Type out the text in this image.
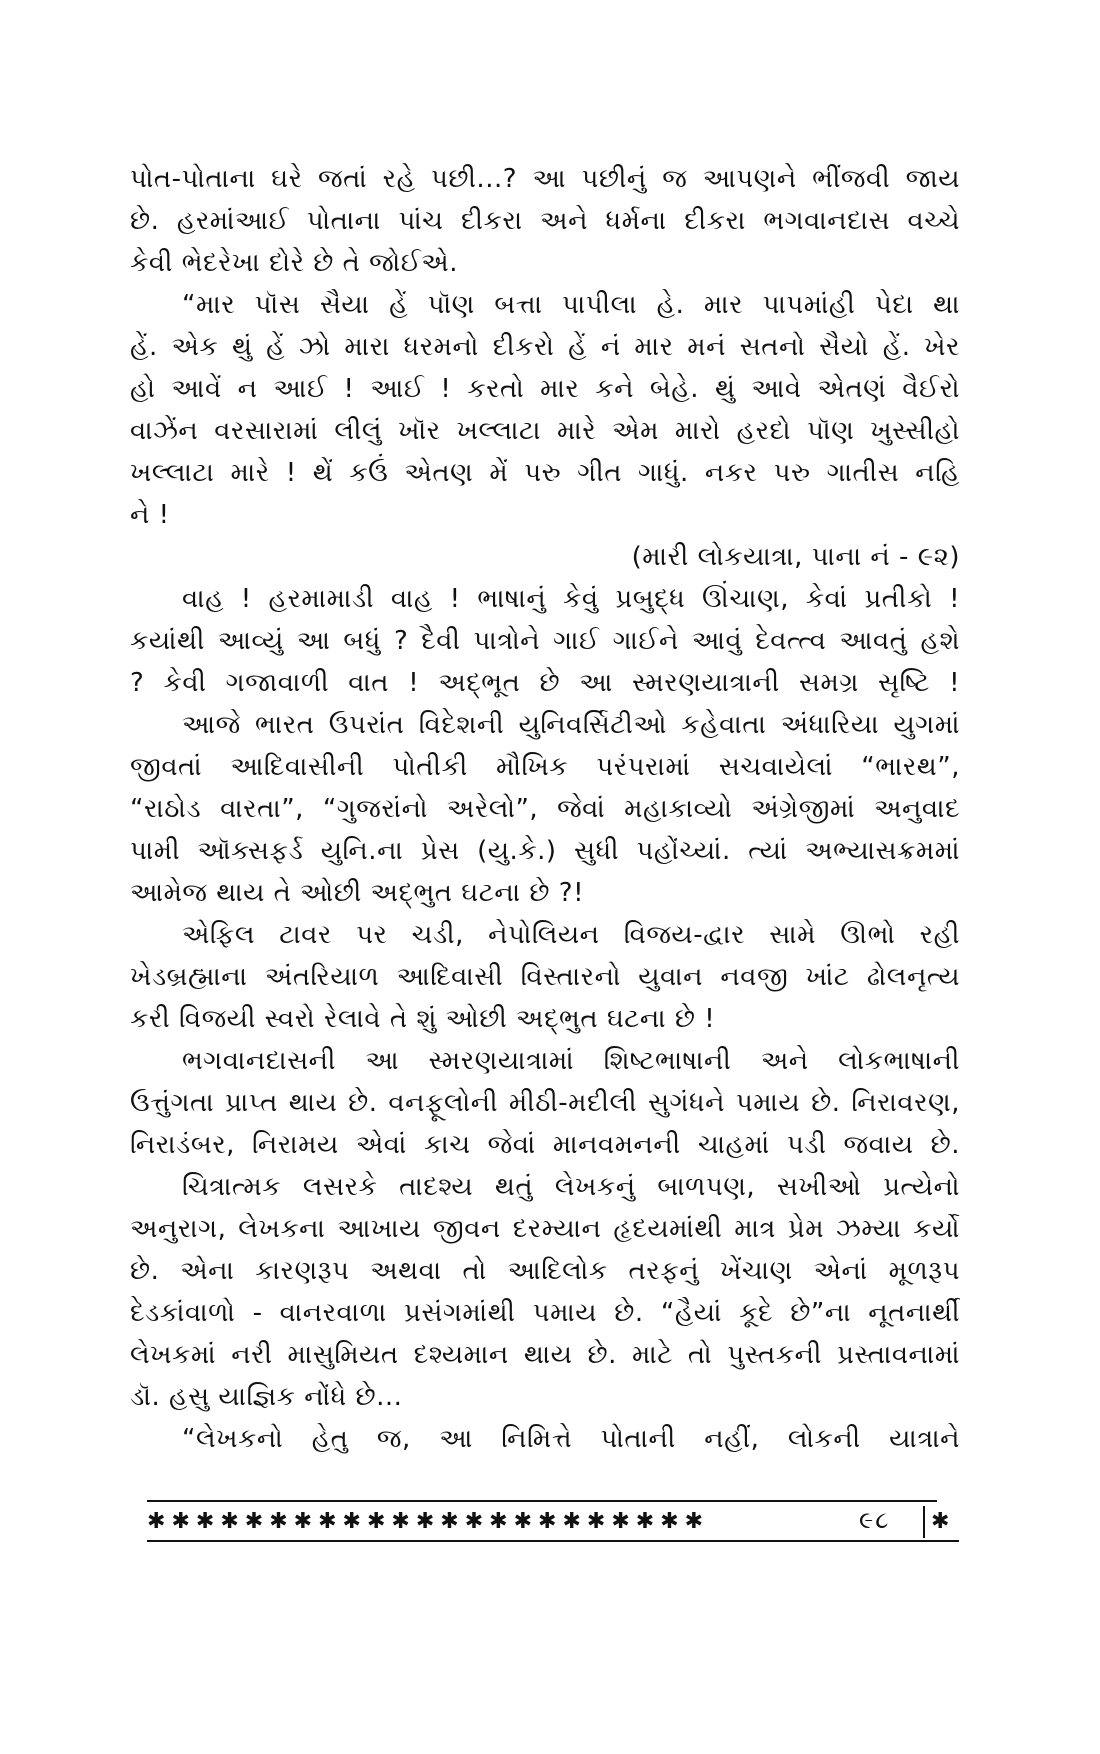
પોત-પોતાના ઘરે જતાં રહે પછી...? આ પછીનું જ આપણને ભીંજવી જાય
છે. હરમાંઆઈ પોતાના પાંચ દીકરા અને ધર્મના દીકરા ભગવાનદાસ વચ્ચે
કેવી ભેદરેખા દોરે છે તે જોઈએ.
“માર પૉસ સૈયા હેં પૉણ બત્તા પાપીલા હે. માર પાપમાંહી પેદા થા
હેં. એક થું હેં ઝો મારા ધરમનો દીકરો હેં નં માર મનં સતનો સૈયો હેં. ખેર
હો આવેં ન આઈ ! આઈ ! કરતો માર કને બેહે. થું આવે એતણં વૈઈરો
વાઝેંન વરસારામાં લીલું ખૉર ખલ્લાટા મારે એમ મારો હરદો પૉણ ખુસ્સીહો
ખલ્લાટા મારે ! થેં કઉં એતણ મેં પરુ ગીત ગાધું. નકર પરુ ગાતીસ નહિ
ને !
(મારી લોકયાત્રા, પાના નં - ૯૨)
વાહ ! હરમામાડી વાહ ! ભાષાનું કેવું પ્રબુદ્ધ ઊંચાણ, કેવાં પ્રતીકો !
કયાંથી આવ્યું આ બધું ? દૈવી પાત્રોને ગાઈ ગાઈને આવું દેવત્ત્વ આવતું હશે
? કેવી ગજાવાળી વાત ! અદ્ભૂત છે આ સ્મરણયાત્રાની સમગ્ર સૃષ્ટિ !
આજે ભારત ઉપરાંત વિદેશની યુનિવર્સિટીઓ કહેવાતા અંધારિયા યુગમાં
જીવતાં આદિવાસીની પોતીકી મૌખિક પરંપરામાં સચવાયેલાં “ભારથ”,
“રાઠોડ વારતા”, “ગુજરાંનો અરેલો”, જેવાં મહાકાવ્યો અંગ્રેજીમાં અનુવાદ
પામી ઑક્સફર્ડ યુનિ.ના પ્રેસ (યુ.કે.) સુધી પહોંચ્યાં. ત્યાં અભ્યાસક્રમમાં
આમેજ થાય તે ઓછી અદ્ભુત ઘટના છે ?!
એફિલ ટાવર પર ચડી, નેપોલિયન વિજય-દ્વાર સામે ઊભો રહી
ખેડબ્રહ્માના અંતરિયાળ આદિવાસી વિસ્તારનો યુવાન નવજી ખાંટ ઢોલનૃત્ય
કરી વિજયી સ્વરો રેલાવે તે શું ઓછી અદ્ભુત ઘટના છે !
ભગવાનદાસની આ સ્મરણયાત્રામાં શિષ્ટભાષાની અને લોકભાષાની
ઉત્તુંગતા પ્રાપ્ત થાય છે. વનફૂલોની મીઠી-મદીલી સુગંધને પમાય છે. નિરાવરણ,
નિરાડંબર, નિરામય એવાં કાચ જેવાં માનવમનની ચાહમાં પડી જવાય છે.
ચિત્રાત્મક લસરકે તાદશ્ય થતું લેખકનું બાળપણ, સખીઓ પ્રત્યેનો
અનુરાગ, લેખકના આખાય જીવન દરમ્યાન હૃદયમાંથી માત્ર પ્રેમ ઝમ્યા કર્યો
છે. એના કારણરૂપ અથવા તો આદિલોક તરફનું ખેંચાણ એનાં મૂળરૂપ
દેડકાંવાળો - વાનરવાળા પ્રસંગમાંથી પમાય છે. “હૈયાં કૂદે છે”ના નૂતનાર્થી
લેખકમાં નરી માસુમિયત દશ્યમાન થાય છે. માટે તો પુસ્તકની પ્રસ્તાવનામાં
ડૉ. હસુ યાજ્ઞિક નોંધે છે...
“લેખકનો હેતુ જ, આ નિમિત્તે પોતાની નહીં, લોકની યાત્રાને
✱ ✱ ✱ ✱ ✱ ✱ ✱ ✱ ✱ ✱ ✱ ✱ ✱ ✱ ✱ ✱ ✱ ✱ ✱ ✱ ✱ ✱ ✱	૯૮	✱
